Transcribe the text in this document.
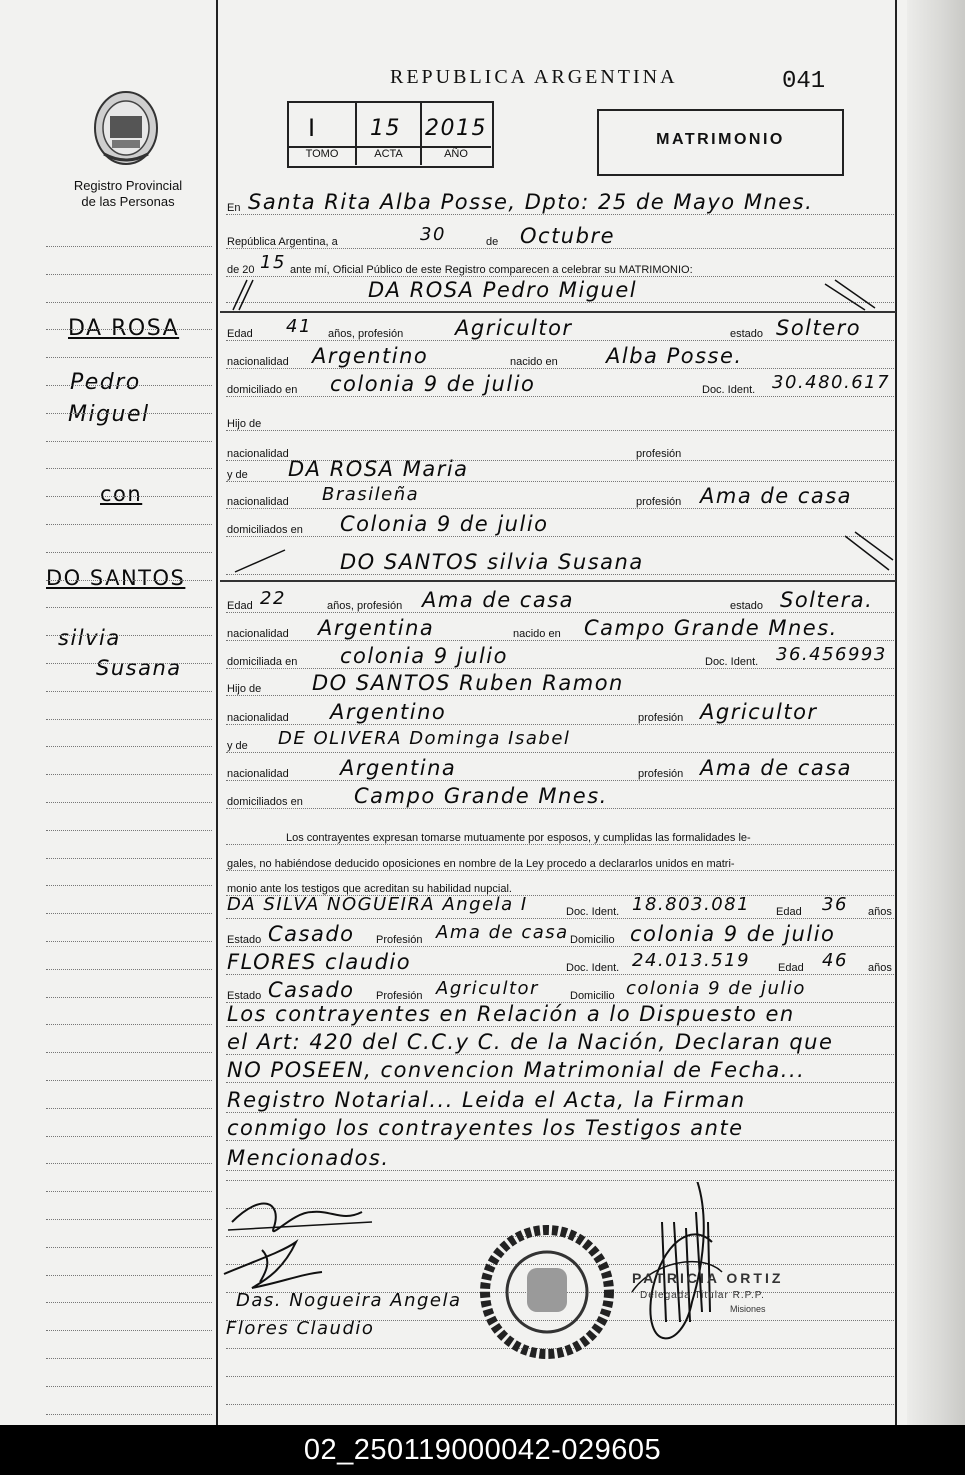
Registro Provincial de las Personas
DA ROSA
Pedro
Miguel
con
DO SANTOS
silvia
Susana
REPUBLICA ARGENTINA	041
I 15 2015
TOMO	ACTA	AÑO
MATRIMONIO
En Santa Rita Alba Posse, Dpto: 25 de Mayo Mnes.
República Argentina, a	30	de Octubre
de 20 15 ante mí, Oficial Público de este Registro comparecen a celebrar su MATRIMONIO:
DA ROSA Pedro Miguel
Edad 41 años, profesión Agricultor	estado Soltero
nacionalidad Argentino	nacido en Alba Posse.
domiciliado en colonia 9 de julio	Doc. Ident. 30.480.617
Hijo de
nacionalidad	profesión
y de DA ROSA Maria
nacionalidad Brasileña	profesión Ama de casa
domiciliados en Colonia 9 de julio
DO SANTOS silvia Susana
Edad 22	años, profesión Ama de casa	estado Soltera.
nacionalidad Argentina	nacido en Campo Grande Mnes.
domiciliada en colonia 9 julio	Doc. Ident. 36.456993
Hijo de DO SANTOS Ruben Ramon
nacionalidad Argentino	profesión Agricultor
y de DE OLIVERA Dominga Isabel
nacionalidad Argentina	profesión Ama de casa
domiciliados en Campo Grande Mnes.
Los contrayentes expresan tomarse mutuamente por esposos, y cumplidas las formalidades le-
gales, no habiéndose deducido oposiciones en nombre de la Ley procedo a declararlos unidos en matri-
monio ante los testigos que acreditan su habilidad nupcial.
DA SILVA NOGUEIRA Angela I	Doc. Ident. 18.803.081 Edad 36 años
Estado Casado Profesión Ama de casa Domicilio colonia 9 de julio
FLORES claudio	Doc. Ident. 24.013.519	Edad 46 años
Estado Casado Profesión Agricultor	Domicilio colonia 9 de julio
Los contrayentes en Relación a lo Dispuesto en
el Art: 420 del C.C.y C. de la Nación, Declaran que
NO POSEEN, convencion Matrimonial de Fecha...
Registro Notarial... Leida el Acta, la Firman
conmigo los contrayentes los Testigos ante
Mencionados.
PATRICIA ORTIZ
Delegada Titular R.P.P.
Misiones
Das. Nogueira Angela
Flores Claudio
02_250119000042-029605
